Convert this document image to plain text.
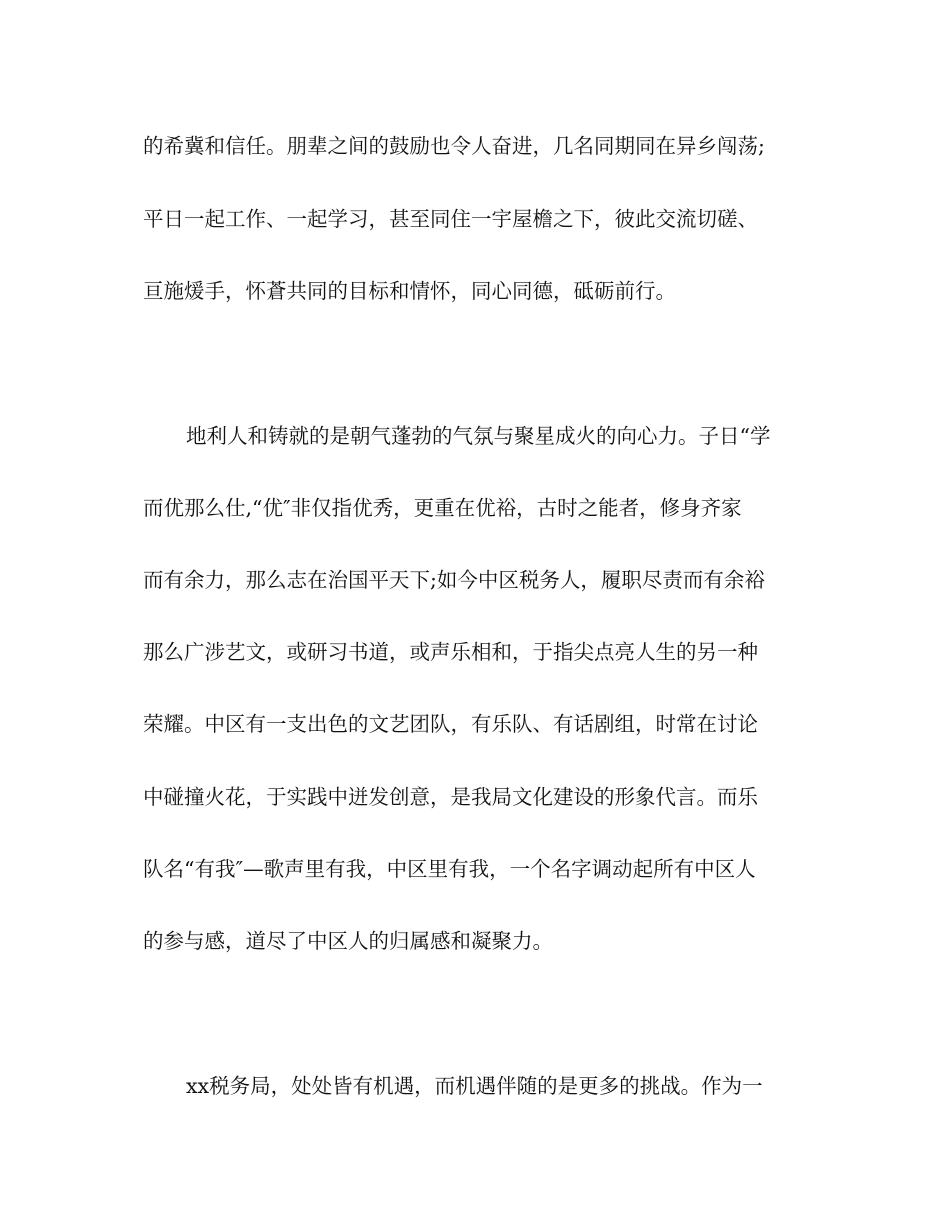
的希冀和信任。朋辈之间的鼓励也令人奋进，几名同期同在异乡闯荡;
平日一起工作、一起学习，甚至同住一宇屋檐之下，彼此交流切磋、
亘施煖手，怀蒼共同的目标和情怀，同心同德，砥砺前行。
地利人和铸就的是朝气蓬勃的气氛与聚星成火的向心力。子日“学
而优那么仕,“优″非仅指优秀，更重在优裕，古时之能者，修身齐家
而有余力，那么志在治国平天下;如今中区税务人，履职尽责而有余裕
那么广涉艺文，或研习书道，或声乐相和，于指尖点亮人生的另一种
荣耀。中区有一支出色的文艺团队，有乐队、有话剧组，时常在讨论
中碰撞火花，于实践中迸发创意，是我局文化建设的形象代言。而乐
队名“有我″—歌声里有我，中区里有我，一个名字调动起所有中区人
的参与感，道尽了中区人的归属感和凝聚力。
xx税务局，处处皆有机遇，而机遇伴随的是更多的挑战。作为一
